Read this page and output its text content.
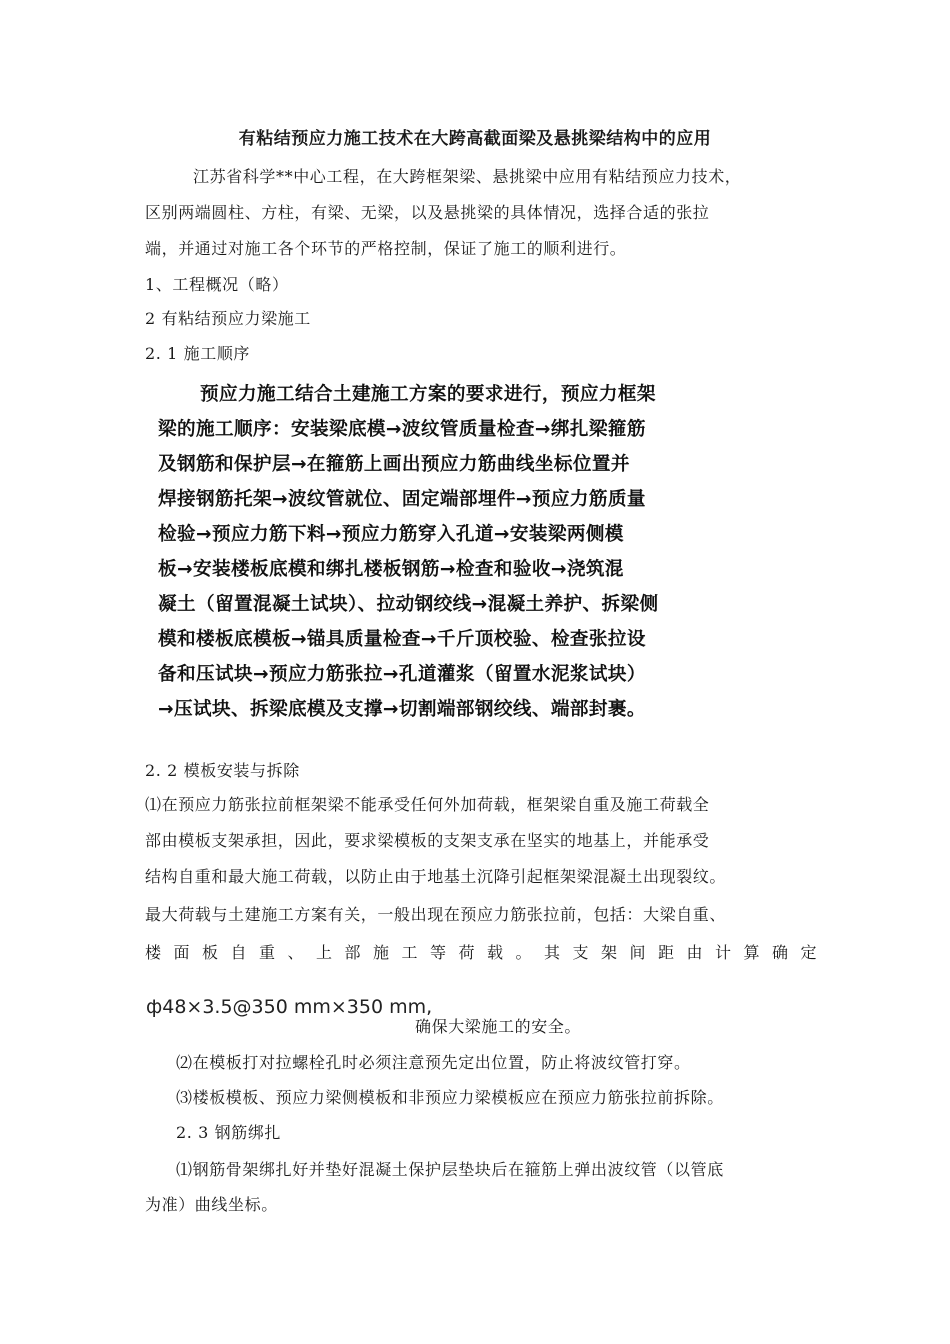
有粘结预应力施工技术在大跨高截面梁及悬挑梁结构中的应用
江苏省科学**中心工程，在大跨框架梁、悬挑梁中应用有粘结预应力技术，
区别两端圆柱、方柱，有梁、无梁，以及悬挑梁的具体情况，选择合适的张拉
端，并通过对施工各个环节的严格控制，保证了施工的顺利进行。
1、工程概况（略）
2 有粘结预应力梁施工
2. 1 施工顺序
预应力施工结合土建施工方案的要求进行，预应力框架
梁的施工顺序：安装梁底模→波纹管质量检查→绑扎梁箍筋
及钢筋和保护层→在箍筋上画出预应力筋曲线坐标位置并
焊接钢筋托架→波纹管就位、固定端部埋件→预应力筋质量
检验→预应力筋下料→预应力筋穿入孔道→安装梁两侧模
板→安装楼板底模和绑扎楼板钢筋→检查和验收→浇筑混
凝土（留置混凝土试块）、拉动钢绞线→混凝土养护、拆梁侧
模和楼板底模板→锚具质量检查→千斤顶校验、检查张拉设
备和压试块→预应力筋张拉→孔道灌浆（留置水泥浆试块）
→压试块、拆梁底模及支撑→切割端部钢绞线、端部封裹。
2. 2 模板安装与拆除
⑴在预应力筋张拉前框架梁不能承受任何外加荷载，框架梁自重及施工荷载全
部由模板支架承担，因此，要求梁模板的支架支承在坚实的地基上，并能承受
结构自重和最大施工荷载，以防止由于地基土沉降引起框架梁混凝土出现裂纹。
最大荷载与土建施工方案有关，一般出现在预应力筋张拉前，包括：大梁自重、
楼面板自重、上部施工等荷载。其支架间距由计算确定
ф48×3.5@350 mm×350 mm,
确保大梁施工的安全。
⑵在模板打对拉螺栓孔时必须注意预先定出位置，防止将波纹管打穿。
⑶楼板模板、预应力梁侧模板和非预应力梁模板应在预应力筋张拉前拆除。
2. 3 钢筋绑扎
⑴钢筋骨架绑扎好并垫好混凝土保护层垫块后在箍筋上弹出波纹管（以管底
为准）曲线坐标。
